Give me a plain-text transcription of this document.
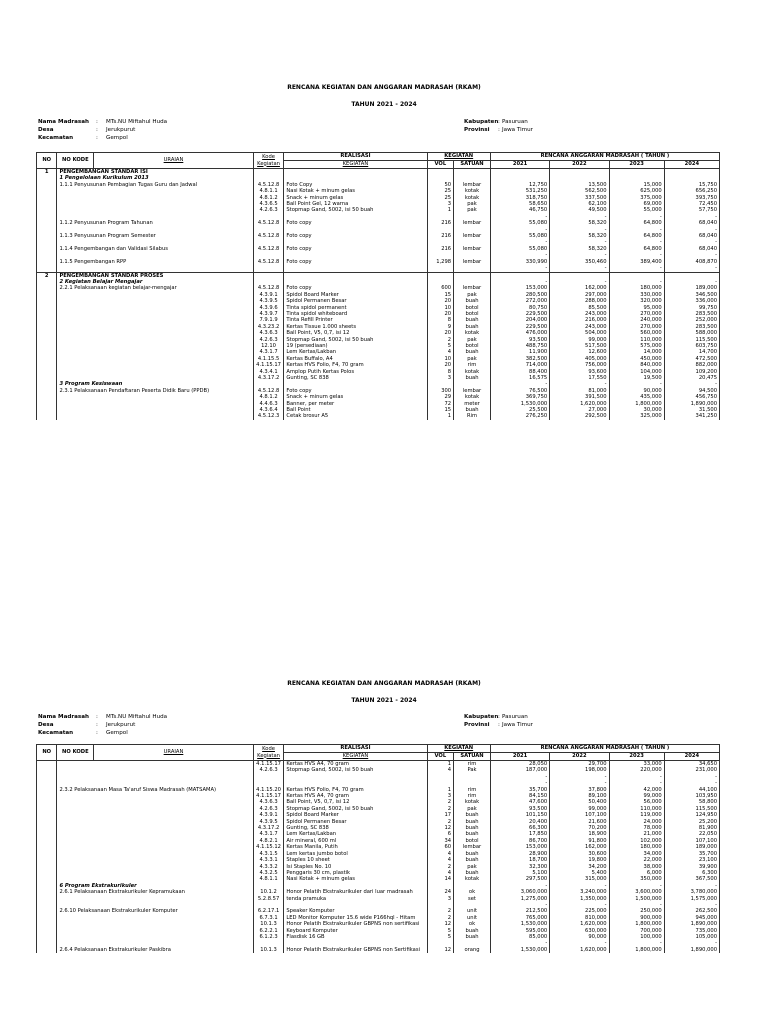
RENCANA KEGIATAN DAN ANGGARAN MADRASAH (RKAM)
TAHUN 2021 - 2024
Nama Madrasah : MTs.NU Miftahul Huda
Desa	: Jerukpurut
Kecamatan	: Gempol
Kabupaten: Pasuruan
Provinsi : Jawa Timur
NO	NO KODE	URAIAN	Kode
Kegiatan	REALISASI	KEGIATAN		RENCANA ANGGARAN MADRASAH ( TAHUN )			
				KEGIATAN	VOL	SATUAN	2021	2022	2023	2024
1	PENGEMBANGAN STANDAR ISI									
	1 Pengelolaan Kurikulum 2013									
	1.1.1 Penyusunan Pembagian Tugas Guru dan Jadwal		4.5.12.8	Foto Copy	50	lembar	12,750	13,500	15,000	15,750
			4.8.1.1	Nasi Kotak + minum gelas	25	kotak	531,250	562,500	625,000	656,250
			4.8.1.2	Snack + minum gelas	25	kotak	318,750	337,500	375,000	393,750
			4.3.6.5	Ball Point Gel, 12 warna	3	pak	58,650	62,100	69,000	72,450
			4.2.6.3	Stopmap Gand, 5002, isi 50 buah	1	pak	46,750	49,500	55,000	57,750
							-	-	-	-
	1.1.2 Penyusunan Program Tahunan		4.5.12.8	Foto copy	216	lembar	55,080	58,320	64,800	68,040
							-	-	-	-
	1.1.3 Penyusunan Program Semester		4.5.12.8	Foto copy	216	lembar	55,080	58,320	64,800	68,040
							-	-	-	-
	1.1.4 Pengembangan dan Validasi Silabus		4.5.12.8	Foto copy	216	lembar	55,080	58,320	64,800	68,040
							-	-	-	-
	1.1.5 Pengembangan RPP		4.5.12.8	Foto copy	1,298	lembar	330,990	350,460	389,400	408,870
							-	-	-	-
2	PENGEMBANGAN STANDAR PROSES									
	2 Kegiatan Belajar Mengajar						-	-	-	-
	2.2.1 Pelaksanaan kegiatan belajar-mengajar		4.5.12.8	Foto copy	600	lembar	153,000	162,000	180,000	189,000
			4.3.9.1	Spidol Board Marker	15	pak	280,500	297,000	330,000	346,500
			4.3.9.5	Spidol Permanen Besar	20	buah	272,000	288,000	320,000	336,000
			4.3.9.6	Tinta spidol permanent	10	botol	80,750	85,500	95,000	99,750
			4.3.9.7	Tinta spidol whiteboard	20	botol	229,500	243,000	270,000	283,500
			7.9.1.9	Tinta Refill Printer	8	buah	204,000	216,000	240,000	252,000
			4.3.23.2	Kertas Tissue 1.000 sheets	9	buah	229,500	243,000	270,000	283,500
			4.3.6.3	Ball Point, V5, 0,7, isi 12	20	kotak	476,000	504,000	560,000	588,000
			4.2.6.3	Stopmap Gand, 5002, isi 50 buah	2	pak	93,500	99,000	110,000	115,500
			12.10	19 (persediaan)	5	botol	488,750	517,500	575,000	603,750
			4.3.1.7	Lem Kertas/Lakban	4	buah	11,900	12,600	14,000	14,700
			4.1.15.5	Kertas Buffalo, A4	10	pak	382,500	405,000	450,000	472,500
			4.1.15.17	Kertas HVS Folio, F4, 70 gram	20	rim	714,000	756,000	840,000	882,000
			4.3.4.1	Amplop Putih Kertas Polos	8	kotak	88,400	93,600	104,000	109,200
			4.3.17.2	Gunting, SC 838	3	buah	16,575	17,550	19,500	20,475
	3 Program Kesiswaan						-	-	-	-
	2.3.1 Pelaksanaan Pendaftaran Peserta Didik Baru (PPDB)		4.5.12.8	Foto copy	300	lembar	76,500	81,000	90,000	94,500
			4.8.1.2	Snack + minum gelas	29	kotak	369,750	391,500	435,000	456,750
			4.4.6.3	Banner, per meter	72	meter	1,530,000	1,620,000	1,800,000	1,890,000
			4.3.6.4	Ball Point	15	buah	25,500	27,000	30,000	31,500
			4.5.12.3	Cetak brosur A5	1	Rim	276,250	292,500	325,000	341,250
RENCANA KEGIATAN DAN ANGGARAN MADRASAH (RKAM)
TAHUN 2021 - 2024
Nama Madrasah : MTs.NU Miftahul Huda
Desa	: Jerukpurut
Kecamatan	: Gempol
Kabupaten: Pasuruan
Provinsi : Jawa Timur
NO	NO KODE	URAIAN	Kode
Kegiatan	REALISASI	KEGIATAN		RENCANA ANGGARAN MADRASAH ( TAHUN )			
				KEGIATAN	VOL	SATUAN	2021	2022	2023	2024
			4.1.15.17	Kertas HVS A4, 70 gram	1	rim	28,050	29,700	33,000	34,650
			4.2.6.3	Stopmap Gand, 5002, isi 50 buah	4	Pak	187,000	198,000	220,000	231,000
							-	-	-	-
							-	-	-	-
	2.3.2 Pelaksanaan Masa Ta'aruf Siswa Madrasah (MATSAMA)		4.1.15.20	Kertas HVS Folio, F4, 70 gram	1	rim	35,700	37,800	42,000	44,100
			4.1.15.17	Kertas HVS A4, 70 gram	3	rim	84,150	89,100	99,000	103,950
			4.3.6.3	Ball Point, V5, 0,7, isi 12	2	kotak	47,600	50,400	56,000	58,800
			4.2.6.3	Stopmap Gand, 5002, isi 50 buah	2	pak	93,500	99,000	110,000	115,500
			4.3.9.1	Spidol Board Marker	17	buah	101,150	107,100	119,000	124,950
			4.3.9.5	Spidol Permanen Besar	2	buah	20,400	21,600	24,000	25,200
			4.3.17.2	Gunting, SC 838	12	buah	66,300	70,200	78,000	81,900
			4.3.1.7	Lem Kertas/Lakban	6	buah	17,850	18,900	21,000	22,050
			4.8.2.1	Air mineral, 600 ml	34	botol	86,700	91,800	102,000	107,100
			4.1.15.12	Kertas Manila, Putih	60	lembar	153,000	162,000	180,000	189,000
			4.3.1.5	Lem kertas jumbo botol	4	buah	28,900	30,600	34,000	35,700
			4.3.3.1	Staples 10 sheet	4	buah	18,700	19,800	22,000	23,100
			4.3.3.2	Isi Staples No. 10	2	pak	32,300	34,200	38,000	39,900
			4.3.2.5	Penggaris 30 cm, plastik	4	buah	5,100	5,400	6,000	6,300
			4.8.1.1	Nasi Kotak + minum gelas	14	kotak	297,500	315,000	350,000	367,500
	6 Program Ekstrakurikuler						-	-	-	-
	2.6.1 Pelaksanaan Ekstrakurikuler Kepramukaan		10.1.2	Honor Pelatih Ekstrakurikuler dari luar madrasah	24	ok	3,060,000	3,240,000	3,600,000	3,780,000
			5.2.8.57	tenda pramuka	3	set	1,275,000	1,350,000	1,500,000	1,575,000
							-	-	-	-
	2.6.10 Pelaksanaan Ekstrakurikuler Komputer		6.2.17.1	Speaker Komputer	2	unit	212,500	225,000	250,000	262,500
			6.7.3.1	LED Monitor Komputer 15.6 wide P166hql - Hitam	2	unit	765,000	810,000	900,000	945,000
			10.1.3	Honor Pelatih Ekstrakurikuler GBPNS non sertifikasi	12	ok	1,530,000	1,620,000	1,800,000	1,890,000
			6.2.2.1	Keyboard Komputer	5	buah	595,000	630,000	700,000	735,000
			6.1.2.3	Flasdisk 16 GB	5	buah	85,000	90,000	100,000	105,000
							-	-	-	-
	2.6.4 Pelaksanaan Ekstrakurikuler Paskibra		10.1.3	Honor Pelatih Ekstrakurikuler GBPNS non Sertifikasi	12	orang	1,530,000	1,620,000	1,800,000	1,890,000
